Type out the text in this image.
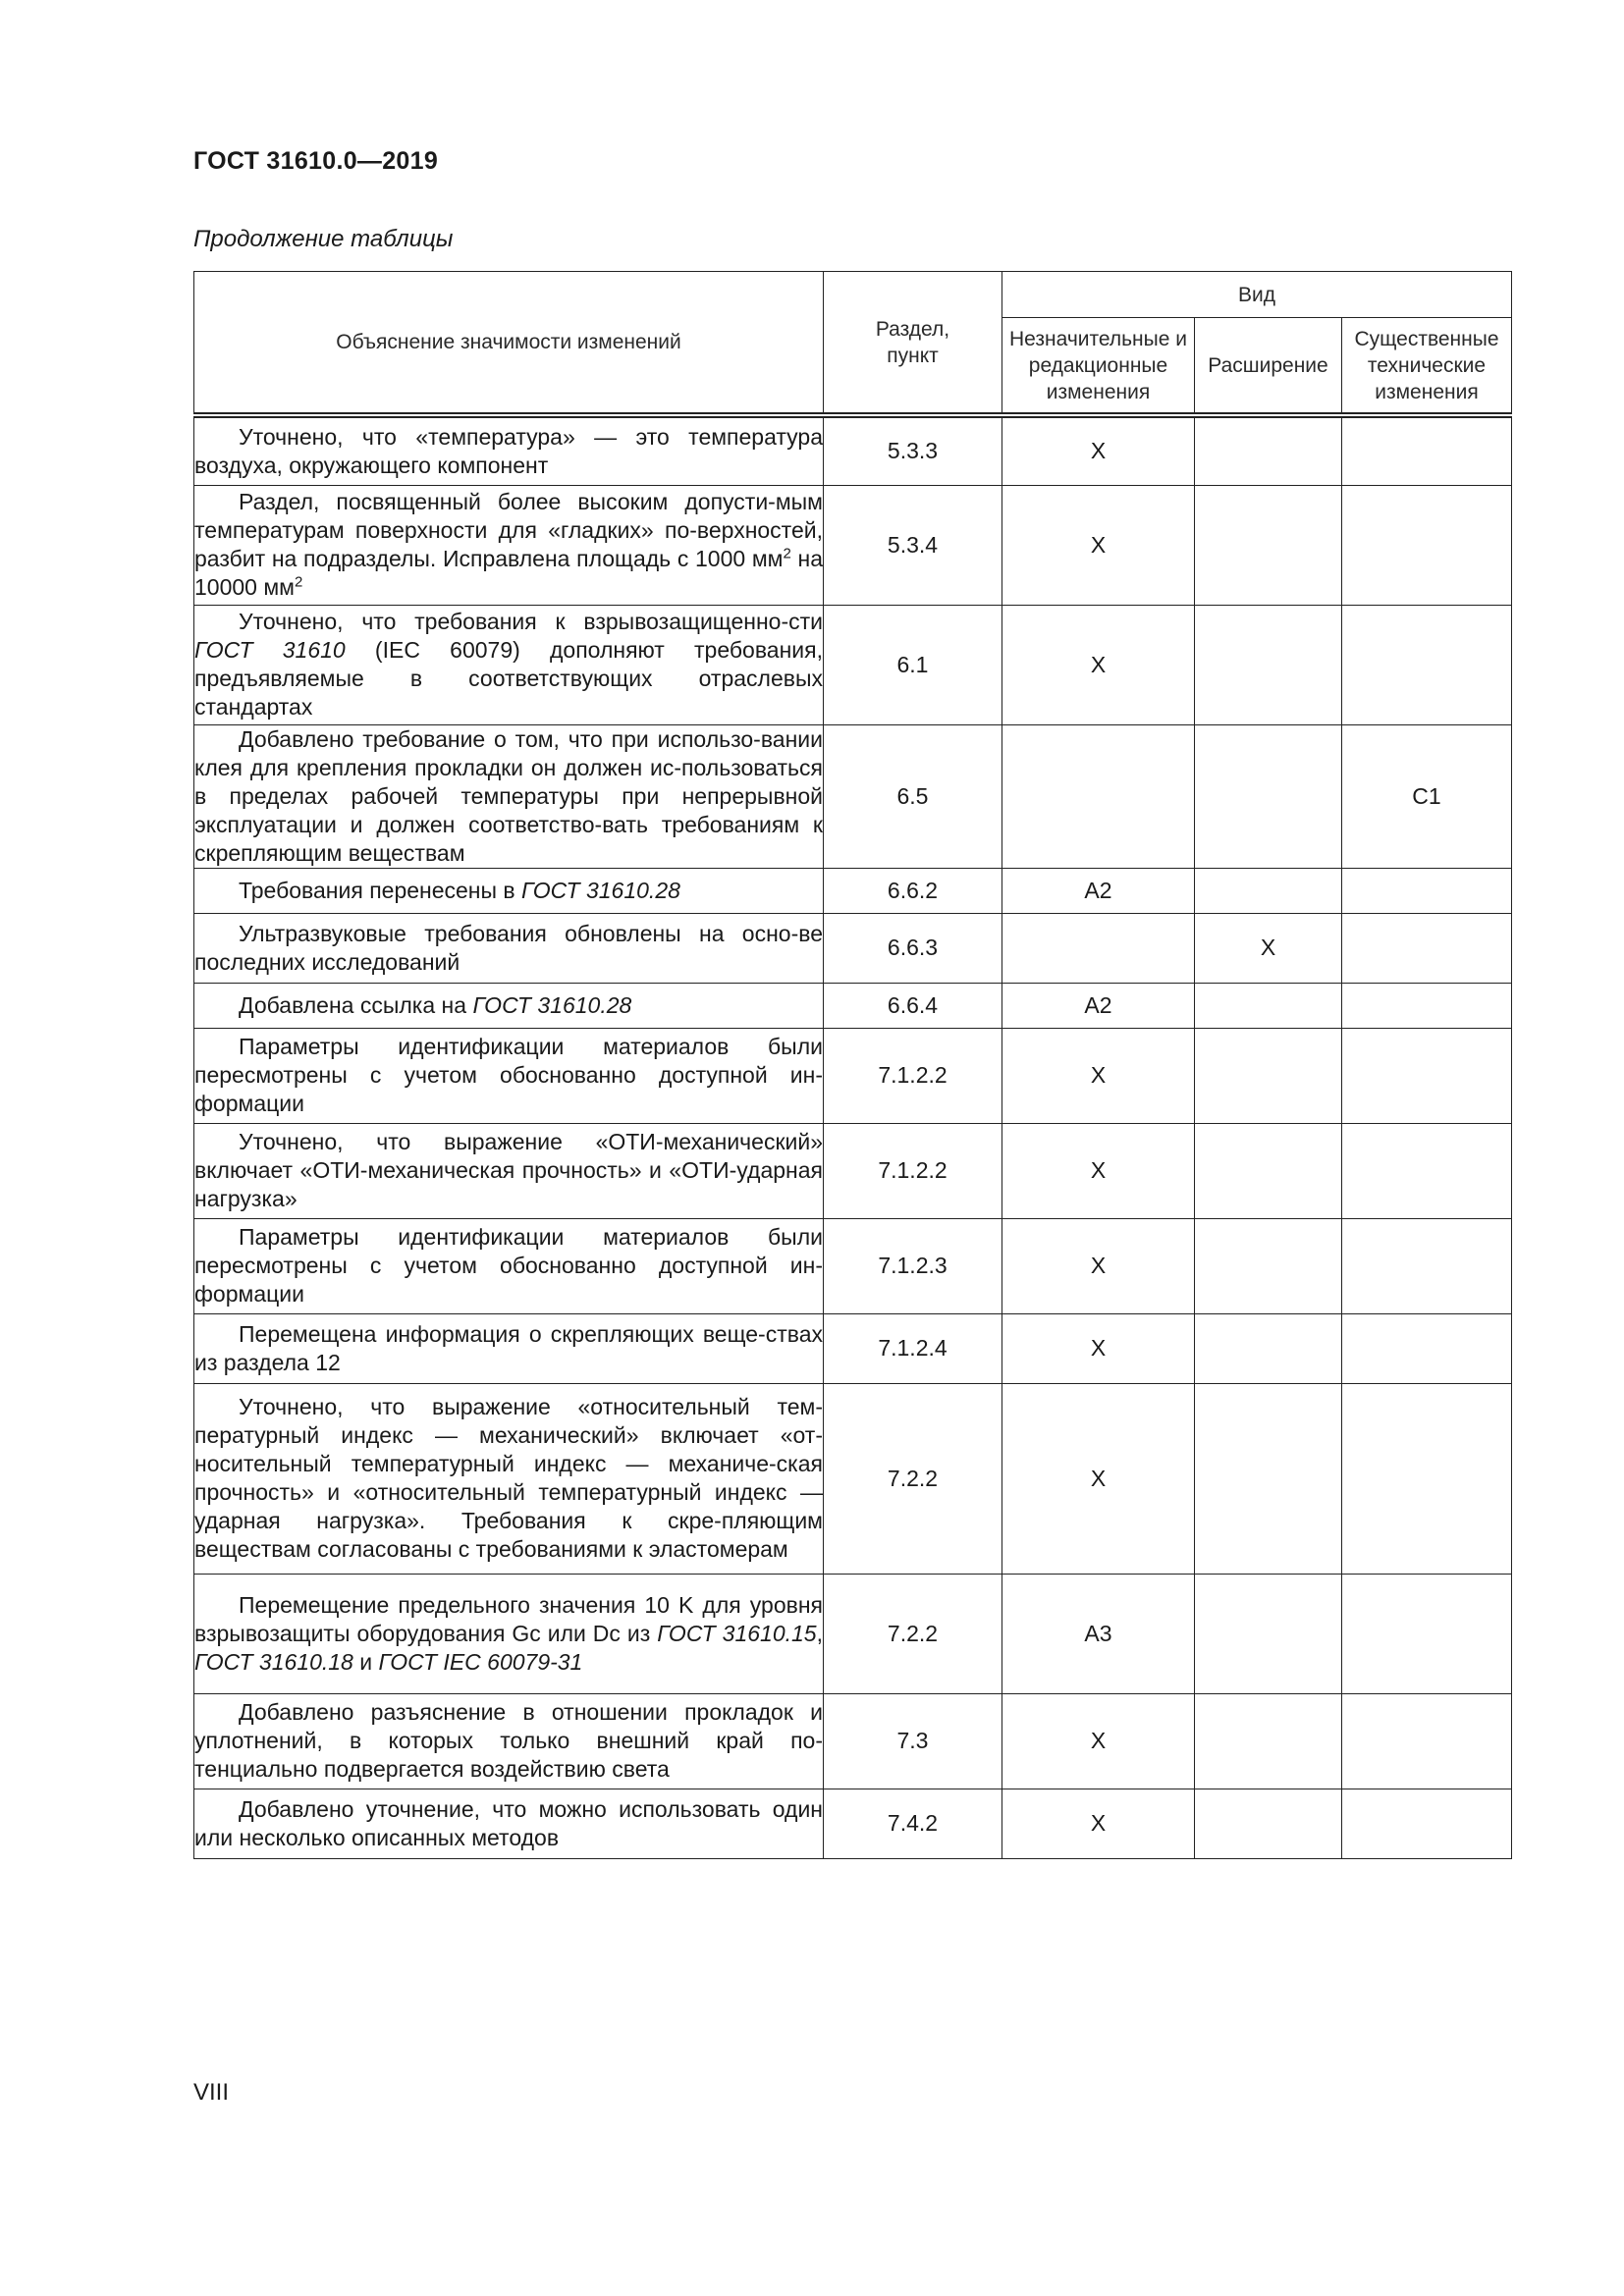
ГОСТ 31610.0—2019
Продолжение таблицы
Объяснение значимости изменений	Раздел, пункт	Вид		
		Незначительные и редакционные изменения	Расширение	Существенные технические изменения

Уточнено, что «температура» — это температура воздуха, окружающего компонент	5.3.3	X		

Раздел, посвященный более высоким допусти-мым температурам поверхности для «гладких» по-верхностей, разбит на подразделы. Исправлена площадь с 1000 $мм^2$ на 10000 $мм^2$	5.3.4	X		

Уточнено, что требования к взрывозащищенно-сти ГОСТ 31610 (IEC 60079) дополняют требования, предъявляемые в соответствующих отраслевых стандартах	6.1	X		

Добавлено требование о том, что при использо-вании клея для крепления прокладки он должен ис-пользоваться в пределах рабочей температуры при непрерывной эксплуатации и должен соответство-вать требованиям к скрепляющим веществам	6.5			C1

Требования перенесены в ГОСТ 31610.28	6.6.2	A2		

Ультразвуковые требования обновлены на осно-ве последних исследований	6.6.3		X	

Добавлена ссылка на ГОСТ 31610.28	6.6.4	A2		

Параметры идентификации материалов были пересмотрены с учетом обоснованно доступной ин-формации	7.1.2.2	X		

Уточнено, что выражение «ОТИ-механический» включает «ОТИ-механическая прочность» и «ОТИ-ударная нагрузка»	7.1.2.2	X		

Параметры идентификации материалов были пересмотрены с учетом обоснованно доступной ин-формации	7.1.2.3	X		

Перемещена информация о скрепляющих веще-ствах из раздела 12	7.1.2.4	X		

Уточнено, что выражение «относительный тем-пературный индекс — механический» включает «от-носительный температурный индекс — механиче-ская прочность» и «относительный температурный индекс — ударная нагрузка». Требования к скре-пляющим веществам согласованы с требованиями к эластомерам	7.2.2	X		

Перемещение предельного значения 10 K для уровня взрывозащиты оборудования Gc или Dc из ГОСТ 31610.15, ГОСТ 31610.18 и ГОСТ IEC 60079-31	7.2.2	A3		

Добавлено разъяснение в отношении прокладок и уплотнений, в которых только внешний край по-тенциально подвергается воздействию света	7.3	X		

Добавлено уточнение, что можно использовать один или несколько описанных методов	7.4.2	X		
VIII
